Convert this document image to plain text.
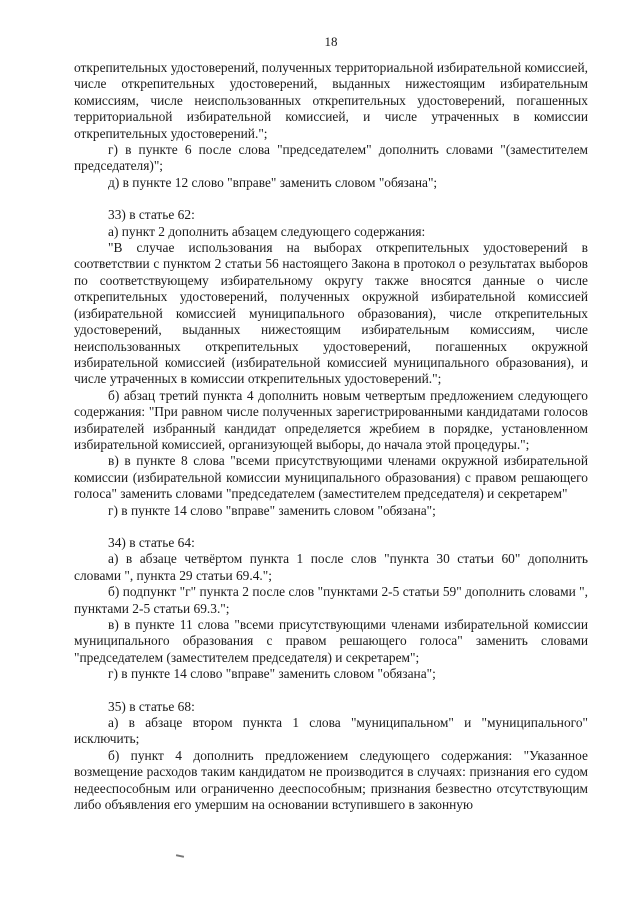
18

открепительных удостоверений, полученных территориальной избирательной комиссией, числе открепительных удостоверений, выданных нижестоящим избирательным комиссиям, числе неиспользованных открепительных удостоверений, погашенных территориальной избирательной комиссией, и числе утраченных в комиссии открепительных удостоверений.";

г) в пункте 6 после слова "председателем" дополнить словами "(заместителем председателя)";

д) в пункте 12 слово "вправе" заменить словом "обязана";

33) в статье 62:

а) пункт 2 дополнить абзацем следующего содержания:

"В случае использования на выборах открепительных удостоверений в соответствии с пунктом 2 статьи 56 настоящего Закона в протокол о результатах выборов по соответствующему избирательному округу также вносятся данные о числе открепительных удостоверений, полученных окружной избирательной комиссией (избирательной комиссией муниципального образования), числе открепительных удостоверений, выданных нижестоящим избирательным комиссиям, числе неиспользованных открепительных удостоверений, погашенных окружной избирательной комиссией (избирательной комиссией муниципального образования), и числе утраченных в комиссии открепительных удостоверений.";

б) абзац третий пункта 4 дополнить новым четвертым предложением следующего содержания: "При равном числе полученных зарегистрированными кандидатами голосов избирателей избранный кандидат определяется жребием в порядке, установленном избирательной комиссией, организующей выборы, до начала этой процедуры.";

в) в пункте 8 слова "всеми присутствующими членами окружной избирательной комиссии (избирательной комиссии муниципального образования) с правом решающего голоса" заменить словами "председателем (заместителем председателя) и секретарем"

г) в пункте 14 слово "вправе" заменить словом "обязана";

34) в статье 64:

а) в абзаце четвёртом пункта 1 после слов "пункта 30 статьи 60" дополнить словами ", пункта 29 статьи 69.4.";

б) подпункт "г" пункта 2 после слов "пунктами 2-5 статьи 59" дополнить словами ", пунктами 2-5 статьи 69.3.";

в) в пункте 11 слова "всеми присутствующими членами избирательной комиссии муниципального образования с правом решающего голоса" заменить словами "председателем (заместителем председателя) и секретарем";

г) в пункте 14 слово "вправе" заменить словом "обязана";

35) в статье 68:

а) в абзаце втором пункта 1 слова "муниципальном" и "муниципального" исключить;

б) пункт 4 дополнить предложением следующего содержания: "Указанное возмещение расходов таким кандидатом не производится в случаях: признания его судом недееспособным или ограниченно дееспособным; признания безвестно отсутствующим либо объявления его умершим на основании вступившего в законную
